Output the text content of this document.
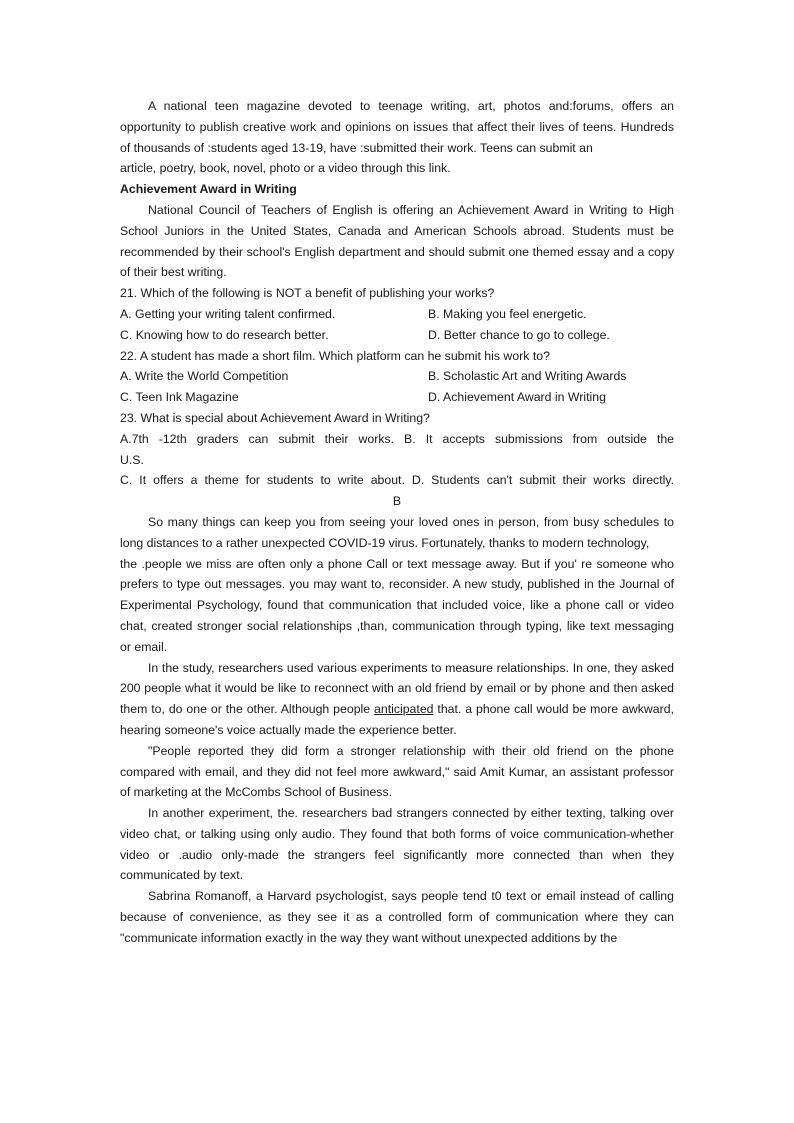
A national teen magazine devoted to teenage writing, art, photos and:forums, offers an opportunity to publish creative work and opinions on issues that affect their lives of teens. Hundreds of thousands of :students aged 13-19, have :submitted their work. Teens can submit an

article, poetry, book, novel, photo or a video through this link.

Achievement Award in Writing

National Council of Teachers of English is offering an Achievement Award in Writing to High School Juniors in the United States, Canada and American Schools abroad. Students must be recommended by their school's English department and should submit one themed essay and a copy of their best writing.

21. Which of the following is NOT a benefit of publishing your works?

A. Getting your writing talent confirmed.	B. Making you feel energetic.
C. Knowing how to do research better.	D. Better chance to go to college.

22. A student has made a short film. Which platform can he submit his work to?

A. Write the World Competition	B. Scholastic Art and Writing Awards
C. Teen Ink Magazine	D. Achievement Award in Writing

23. What is special about Achievement Award in Writing?

A.7th -12th graders can submit their works. B. It accepts submissions from outside the

U.S.

C. It offers a theme for students to write about. D. Students can't submit their works directly.

B

So many things can keep you from seeing your loved ones in person, from busy schedules to long distances to a rather unexpected COVID-19 virus. Fortunately, thanks to modern technology,

the .people we miss are often only a phone Call or text message away. But if you' re someone who prefers to type out messages. you may want to, reconsider. A new study, published in the Journal of Experimental Psychology, found that communication that included voice, like a phone call or video chat, created stronger social relationships ,than, communication through typing, like text messaging or email.

In the study, researchers used various experiments to measure relationships. In one, they asked 200 people what it would be like to reconnect with an old friend by email or by phone and then asked them to, do one or the other. Although people anticipated that. a phone call would be more awkward, hearing someone's voice actually made the experience better.

"People reported they did form a stronger relationship with their old friend on the phone compared with email, and they did not feel more awkward," said Amit Kumar, an assistant professor of marketing at the McCombs School of Business.

In another experiment, the. researchers bad strangers connected by either texting, talking over video chat, or talking using only audio. They found that both forms of voice communication-whether video or .audio only-made the strangers feel significantly more connected than when they communicated by text.

Sabrina Romanoff, a Harvard psychologist, says people tend t0 text or email instead of calling because of convenience, as they see it as a controlled form of communication where they can "communicate information exactly in the way they want without unexpected additions by the
